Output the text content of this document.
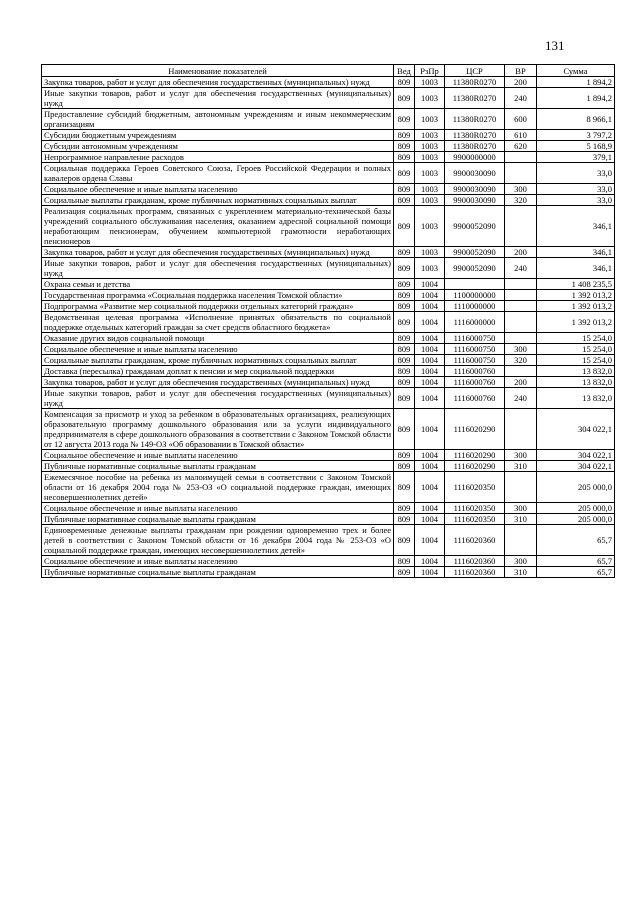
131
Наименование показателей	Вед	РзПр	ЦСР	ВР	Сумма
Закупка товаров, работ и услуг для обеспечения государственных (муниципальных) нужд	809	1003	11380R0270	200	1 894,2
Иные закупки товаров, работ и услуг для обеспечения государственных (муниципальных) нужд	809	1003	11380R0270	240	1 894,2
Предоставление субсидий бюджетным, автономным учреждениям и иным некоммерческим организациям	809	1003	11380R0270	600	8 966,1
Субсидии бюджетным учреждениям	809	1003	11380R0270	610	3 797,2
Субсидии автономным учреждениям	809	1003	11380R0270	620	5 168,9
Непрограммное направление расходов	809	1003	9900000000		379,1
Социальная поддержка Героев Советского Союза, Героев Российской Федерации и полных кавалеров ордена Славы	809	1003	9900030090		33,0
Социальное обеспечение и иные выплаты населению	809	1003	9900030090	300	33,0
Социальные выплаты гражданам, кроме публичных нормативных социальных выплат	809	1003	9900030090	320	33,0
Реализация социальных программ, связанных с укреплением материально-технической базы учреждений социального обслуживания населения, оказанием адресной социальной помощи неработающим пенсионерам, обучением компьютерной грамотности неработающих пенсионеров	809	1003	9900052090		346,1
Закупка товаров, работ и услуг для обеспечения государственных (муниципальных) нужд	809	1003	9900052090	200	346,1
Иные закупки товаров, работ и услуг для обеспечения государственных (муниципальных) нужд	809	1003	9900052090	240	346,1
Охрана семьи и детства	809	1004			1 408 235,5
Государственная программа «Социальная поддержка населения Томской области»	809	1004	1100000000		1 392 013,2
Подпрограмма «Развитие мер социальной поддержки отдельных категорий граждан»	809	1004	1110000000		1 392 013,2
Ведомственная целевая программа «Исполнение принятых обязательств по социальной поддержке отдельных категорий граждан за счет средств областного бюджета»	809	1004	1116000000		1 392 013,2
Оказание других видов социальной помощи	809	1004	1116000750		15 254,0
Социальное обеспечение и иные выплаты населению	809	1004	1116000750	300	15 254,0
Социальные выплаты гражданам, кроме публичных нормативных социальных выплат	809	1004	1116000750	320	15 254,0
Доставка (пересылка) гражданам доплат к пенсии и мер социальной поддержки	809	1004	1116000760		13 832,0
Закупка товаров, работ и услуг для обеспечения государственных (муниципальных) нужд	809	1004	1116000760	200	13 832,0
Иные закупки товаров, работ и услуг для обеспечения государственных (муниципальных) нужд	809	1004	1116000760	240	13 832,0
Компенсация за присмотр и уход за ребенком в образовательных организациях, реализующих образовательную программу дошкольного образования или за услуги индивидуального предпринимателя в сфере дошкольного образования в соответствии с Законом Томской области от 12 августа 2013 года № 149-ОЗ «Об образовании в Томской области»	809	1004	1116020290		304 022,1
Социальное обеспечение и иные выплаты населению	809	1004	1116020290	300	304 022,1
Публичные нормативные социальные выплаты гражданам	809	1004	1116020290	310	304 022,1
Ежемесячное пособие на ребенка из малоимущей семьи в соответствии с Законом Томской области от 16 декабря 2004 года № 253-ОЗ «О социальной поддержке граждан, имеющих несовершеннолетних детей»	809	1004	1116020350		205 000,0
Социальное обеспечение и иные выплаты населению	809	1004	1116020350	300	205 000,0
Публичные нормативные социальные выплаты гражданам	809	1004	1116020350	310	205 000,0
Единовременные денежные выплаты гражданам при рождении одновременно трех и более детей в соответствии с Законом Томской области от 16 декабря 2004 года № 253-ОЗ «О социальной поддержке граждан, имеющих несовершеннолетних детей»	809	1004	1116020360		65,7
Социальное обеспечение и иные выплаты населению	809	1004	1116020360	300	65,7
Публичные нормативные социальные выплаты гражданам	809	1004	1116020360	310	65,7
